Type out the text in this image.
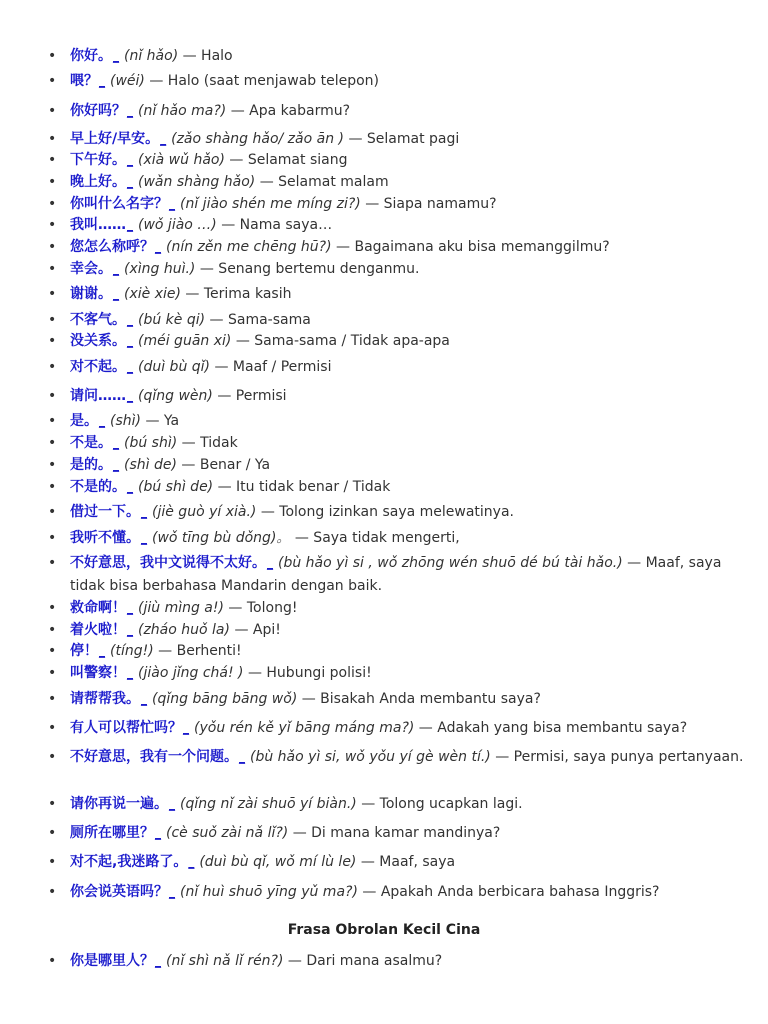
• 你好。_ (nǐ hǎo) — Halo
• 喂？_ (wéi) — Halo (saat menjawab telepon)
• 你好吗？_ (nǐ hǎo ma?) — Apa kabarmu?
• 早上好/早安。_ (zǎo shàng hǎo/ zǎo ān ) — Selamat pagi
• 下午好。_ (xià wǔ hǎo) — Selamat siang
• 晚上好。_ (wǎn shàng hǎo) — Selamat malam
• 你叫什么名字？_ (nǐ jiào shén me míng zi?) — Siapa namamu?
• 我叫……_ (wǒ jiào …) — Nama saya…
• 您怎么称呼？_ (nín zěn me chēng hū?) — Bagaimana aku bisa memanggilmu?
• 幸会。_ (xìng huì.) — Senang bertemu denganmu.
• 谢谢。_ (xiè xie) — Terima kasih
• 不客气。_ (bú kè qi) — Sama-sama
• 没关系。_ (méi guān xi) — Sama-sama / Tidak apa-apa
• 对不起。_ (duì bù qǐ) — Maaf / Permisi
• 请问……_ (qǐng wèn) — Permisi
• 是。_ (shì) — Ya
• 不是。_ (bú shì) — Tidak
• 是的。_ (shì de) — Benar / Ya
• 不是的。_ (bú shì de) — Itu tidak benar / Tidak
• 借过一下。_ (jiè guò yí xià.) — Tolong izinkan saya melewatinya.
• 我听不懂。_ (wǒ tīng bù dǒng)。 — Saya tidak mengerti,
• 不好意思，我中文说得不太好。_ (bù hǎo yì si , wǒ zhōng wén shuō dé bú tài hǎo.) — Maaf, saya tidak bisa berbahasa Mandarin dengan baik.
• 救命啊！_ (jiù mìng a!) — Tolong!
• 着火啦！_ (zháo huǒ la) — Api!
• 停！_ (tíng!) — Berhenti!
• 叫警察！_ (jiào jǐng chá! ) — Hubungi polisi!
• 请帮帮我。_ (qǐng bāng bāng wǒ) — Bisakah Anda membantu saya?
• 有人可以帮忙吗？_ (yǒu rén kě yǐ bāng máng ma?) — Adakah yang bisa membantu saya?
• 不好意思，我有一个问题。_ (bù hǎo yì si, wǒ yǒu yí gè wèn tí.) — Permisi, saya punya pertanyaan.
• 请你再说一遍。_ (qǐng nǐ zài shuō yí biàn.) — Tolong ucapkan lagi.
• 厕所在哪里？_ (cè suǒ zài nǎ lǐ?) — Di mana kamar mandinya?
• 对不起,我迷路了。_ (duì bù qǐ, wǒ mí lù le) — Maaf, saya
• 你会说英语吗？_ (nǐ huì shuō yīng yǔ ma?) — Apakah Anda berbicara bahasa Inggris?
Frasa Obrolan Kecil Cina
• 你是哪里人？_ (nǐ shì nǎ lǐ rén?) — Dari mana asalmu?
